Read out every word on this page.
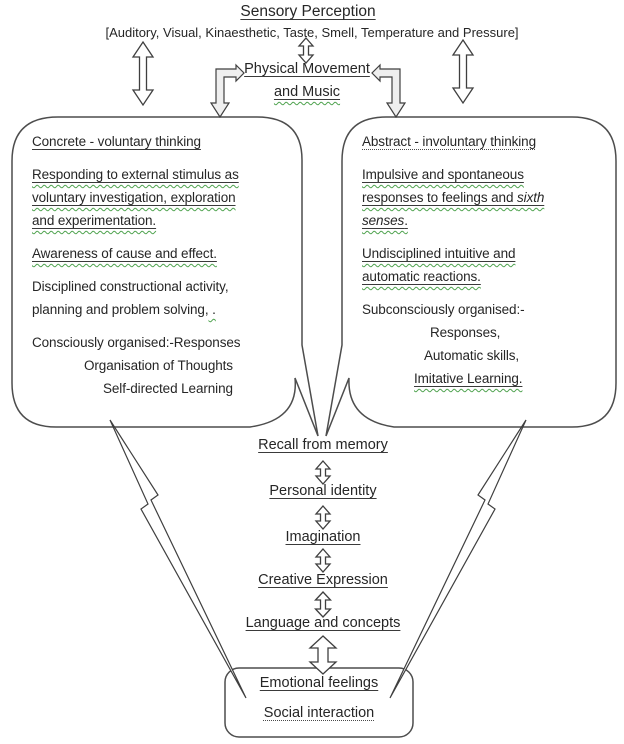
Sensory Perception
[Auditory, Visual, Kinaesthetic, Taste, Smell, Temperature and Pressure]
Physical Movement
and Music
Concrete - voluntary thinking
Responding to external stimulus as
voluntary investigation, exploration
and experimentation.
Awareness of cause and effect.
Disciplined constructional activity,
planning and problem solving, .
Consciously organised:-Responses
Organisation of Thoughts
Self-directed Learning
Abstract - involuntary thinking
Impulsive and spontaneous
responses to feelings and sixth
senses.
Undisciplined intuitive and
automatic reactions.
Subconsciously organised:-
Responses,
Automatic skills,
Imitative Learning.
Recall from memory
Personal identity
Imagination
Creative Expression
Language and concepts
Emotional feelings
Social interaction
